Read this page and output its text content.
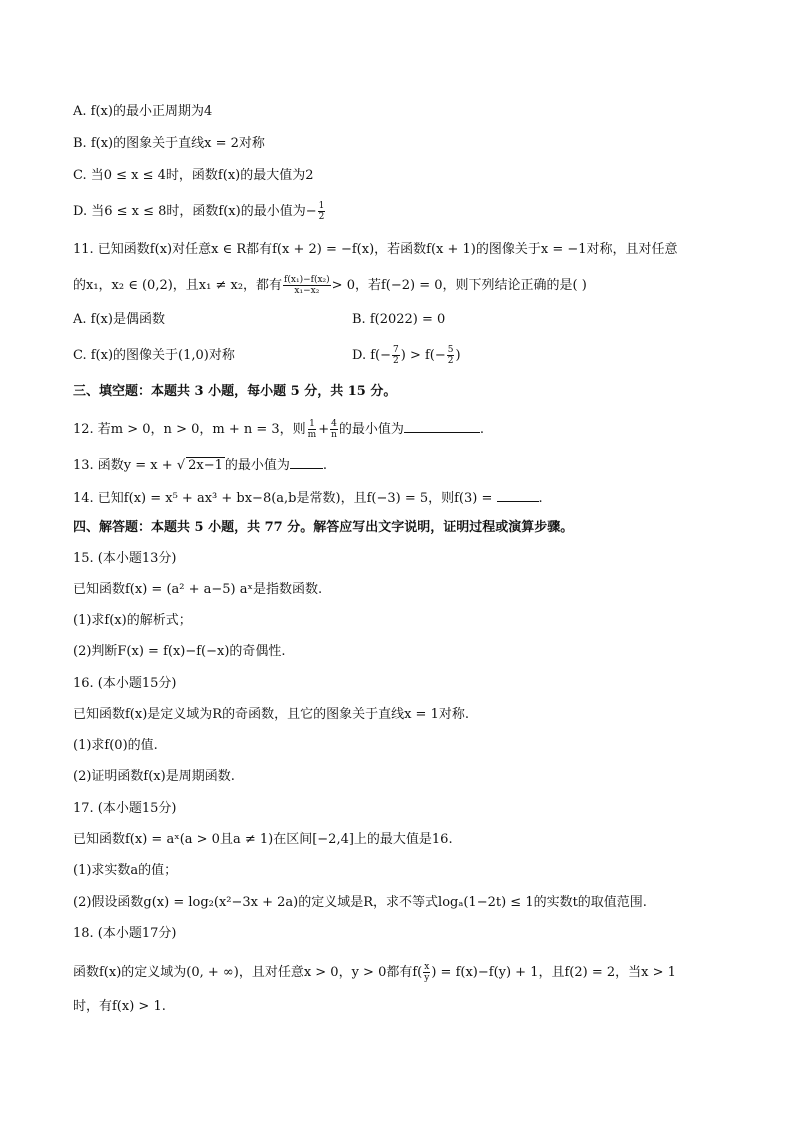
A. f(x)的最小正周期为4
B. f(x)的图象关于直线x = 2对称
C. 当0 ≤ x ≤ 4时，函数f(x)的最大值为2
D. 当6 ≤ x ≤ 8时，函数f(x)的最小值为− $\frac{1}{2}$
11. 已知函数f(x)对任意x ∈ R都有f(x + 2) = −f(x)，若函数f(x + 1)的图像关于x = −1对称，且对任意
的x₁，x₂ ∈ (0,2)，且x₁ ≠ x₂，都有 $\frac{\text{f(x₁)−f(x₂)}}{\text{x₁−x₂}} > 0$，若f(−2) = 0，则下列结论正确的是( )
A. f(x)是偶函数	B. f(2022) = 0
C. f(x)的图像关于(1,0)对称	D. $f(- \frac{7}{2}$ ) > $f(- \frac{5}{2}$ )
三、填空题：本题共 3 小题，每小题 5 分，共 15 分。
12. 若m > 0，n > 0，m + n = 3，则 $\frac{1}{m} + \frac{4}{n}$ 的最小值为	.
13. 函数y = x + √ 2x−1 的最小值为	.
14. 已知f(x) = x⁵ + ax³ + bx−8(a,b是常数)，且f(−3) = 5，则f(3) =	.
四、解答题：本题共 5 小题，共 77 分。解答应写出文字说明，证明过程或演算步骤。
15. (本小题13分)
已知函数f(x) = (a² + a−5) aˣ是指数函数.
(1)求f(x)的解析式；
(2)判断F(x) = f(x)−f(−x)的奇偶性.
16. (本小题15分)
已知函数f(x)是定义域为R的奇函数，且它的图象关于直线x = 1对称.
(1)求f(0)的值.
(2)证明函数f(x)是周期函数.
17. (本小题15分)
已知函数f(x) = aˣ(a > 0且a ≠ 1)在区间[−2,4]上的最大值是16.
(1)求实数a的值；
(2)假设函数g(x) = log₂(x²−3x + 2a)的定义域是R，求不等式logₐ(1−2t) ≤ 1的实数t的取值范围.
18. (本小题17分)
函数f(x)的定义域为(0, + ∞)，且对任意x > 0，y > 0都有$f( \frac{x}{y}$ ) = f(x)−f(y) + 1，且f(2) = 2，当x > 1
时，有f(x) > 1.
